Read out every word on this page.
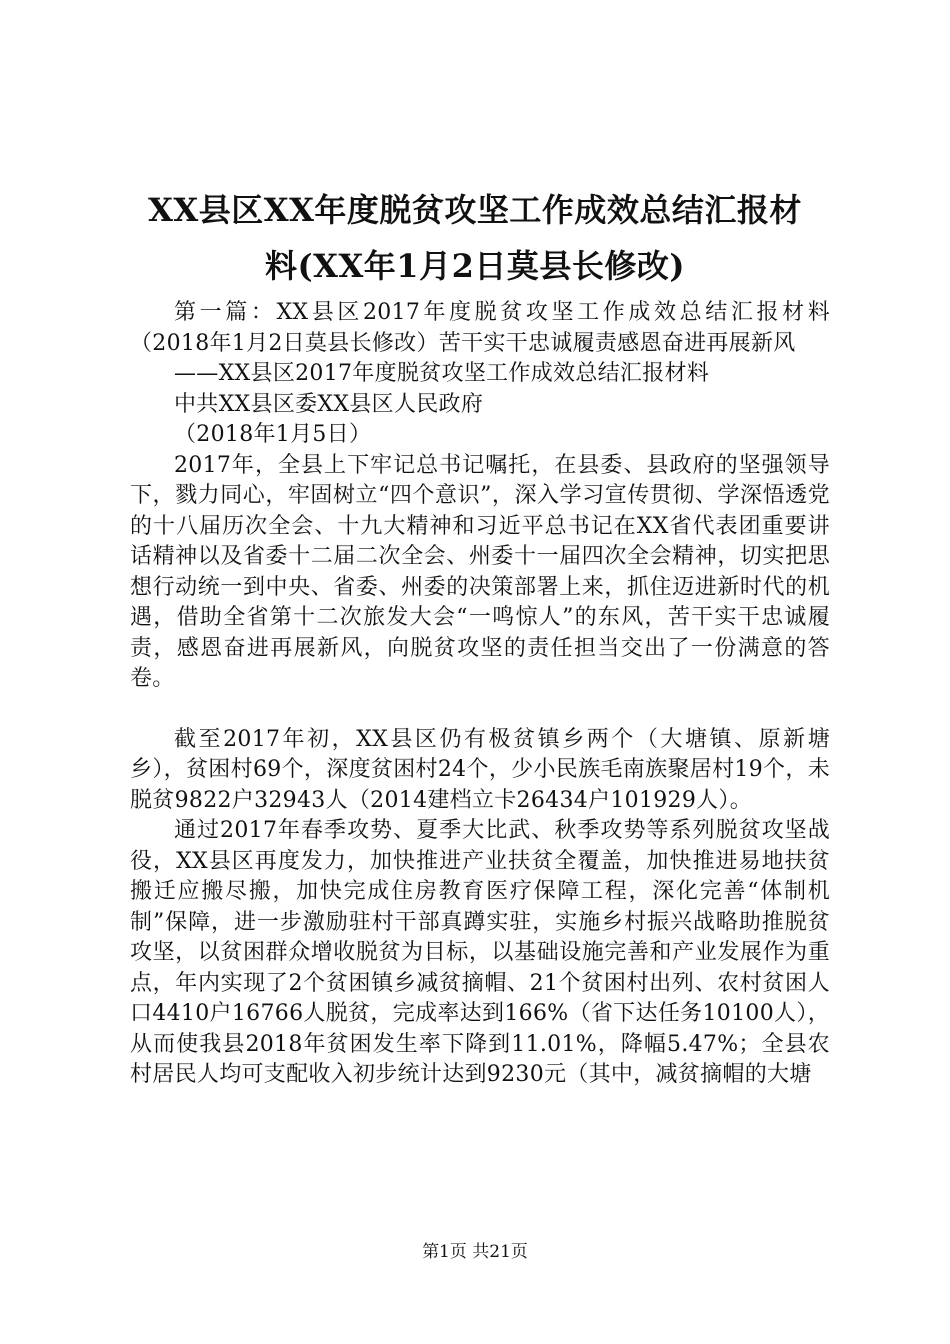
XX县区XX年度脱贫攻坚工作成效总结汇报材
料(XX年1月2日莫县长修改)

第一篇：XX县区2017年度脱贫攻坚工作成效总结汇报材料（2018年1月2日莫县长修改）苦干实干忠诚履责感恩奋进再展新风

——XX县区2017年度脱贫攻坚工作成效总结汇报材料

中共XX县区委XX县区人民政府

（2018年1月5日）

2017年，全县上下牢记总书记嘱托，在县委、县政府的坚强领导下，戮力同心，牢固树立“四个意识”，深入学习宣传贯彻、学深悟透党的十八届历次全会、十九大精神和习近平总书记在XX省代表团重要讲话精神以及省委十二届二次全会、州委十一届四次全会精神，切实把思想行动统一到中央、省委、州委的决策部署上来，抓住迈进新时代的机遇，借助全省第十二次旅发大会“一鸣惊人”的东风，苦干实干忠诚履责，感恩奋进再展新风，向脱贫攻坚的责任担当交出了一份满意的答卷。

截至2017年初，XX县区仍有极贫镇乡两个（大塘镇、原新塘乡），贫困村69个，深度贫困村24个，少小民族毛南族聚居村19个，未脱贫9822户32943人（2014建档立卡26434户101929人）。

通过2017年春季攻势、夏季大比武、秋季攻势等系列脱贫攻坚战役，XX县区再度发力，加快推进产业扶贫全覆盖，加快推进易地扶贫搬迁应搬尽搬，加快完成住房教育医疗保障工程，深化完善“体制机制”保障，进一步激励驻村干部真蹲实驻，实施乡村振兴战略助推脱贫攻坚，以贫困群众增收脱贫为目标，以基础设施完善和产业发展作为重点，年内实现了2个贫困镇乡减贫摘帽、21个贫困村出列、农村贫困人口4410户16766人脱贫，完成率达到166%（省下达任务10100人），从而使我县2018年贫困发生率下降到11.01%，降幅5.47%；全县农村居民人均可支配收入初步统计达到9230元（其中，减贫摘帽的大塘

第1页 共21页
